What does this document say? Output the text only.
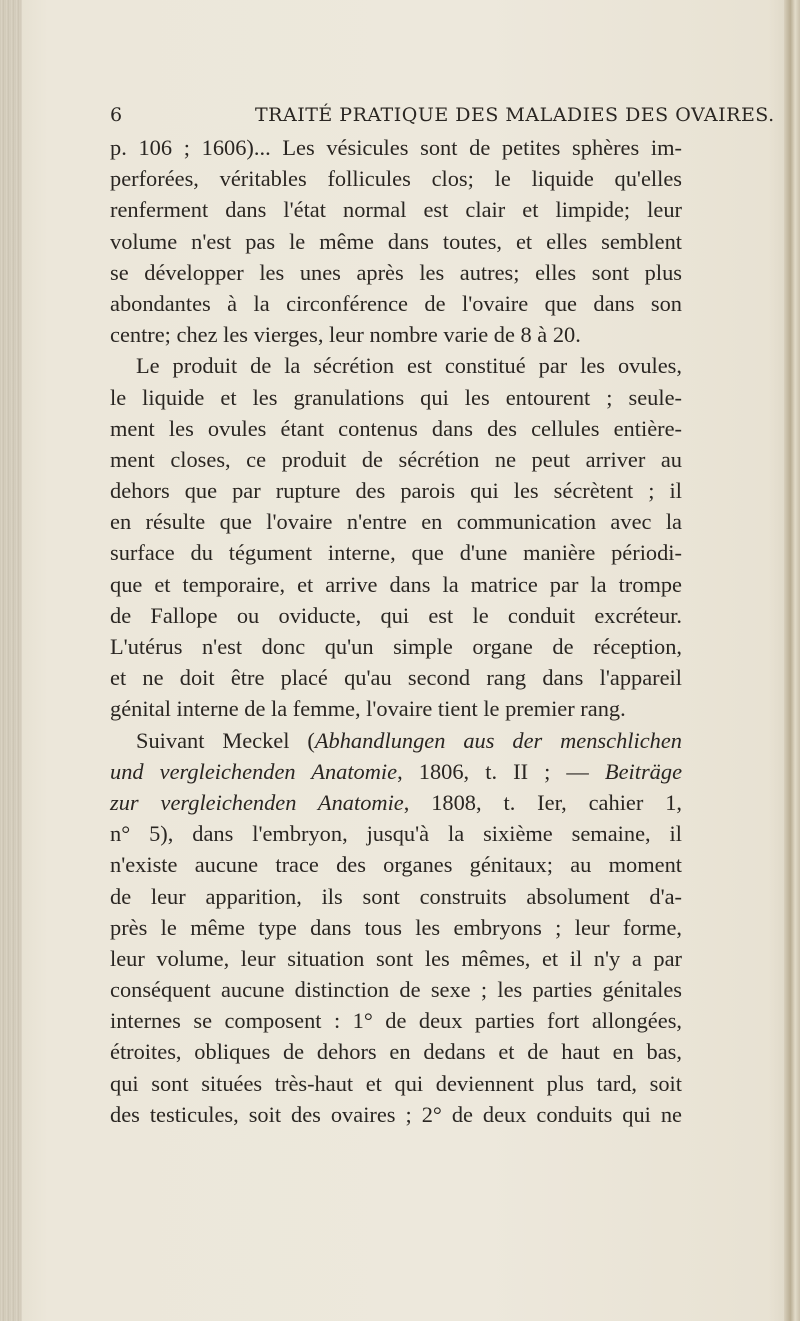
6	TRAITÉ PRATIQUE DES MALADIES DES OVAIRES.
p. 106 ; 1606)... Les vésicules sont de petites sphères im-
perforées, véritables follicules clos; le liquide qu'elles
renferment dans l'état normal est clair et limpide; leur
volume n'est pas le même dans toutes, et elles semblent
se développer les unes après les autres; elles sont plus
abondantes à la circonférence de l'ovaire que dans son
centre; chez les vierges, leur nombre varie de 8 à 20.
Le produit de la sécrétion est constitué par les ovules,
le liquide et les granulations qui les entourent ; seule-
ment les ovules étant contenus dans des cellules entière-
ment closes, ce produit de sécrétion ne peut arriver au
dehors que par rupture des parois qui les sécrètent ; il
en résulte que l'ovaire n'entre en communication avec la
surface du tégument interne, que d'une manière périodi-
que et temporaire, et arrive dans la matrice par la trompe
de Fallope ou oviducte, qui est le conduit excréteur.
L'utérus n'est donc qu'un simple organe de réception,
et ne doit être placé qu'au second rang dans l'appareil
génital interne de la femme, l'ovaire tient le premier rang.
Suivant Meckel (Abhandlungen aus der menschlichen
und vergleichenden Anatomie, 1806, t. II ; — Beiträge
zur vergleichenden Anatomie, 1808, t. Ier, cahier 1,
n° 5), dans l'embryon, jusqu'à la sixième semaine, il
n'existe aucune trace des organes génitaux; au moment
de leur apparition, ils sont construits absolument d'a-
près le même type dans tous les embryons ; leur forme,
leur volume, leur situation sont les mêmes, et il n'y a par
conséquent aucune distinction de sexe ; les parties génitales
internes se composent : 1° de deux parties fort allongées,
étroites, obliques de dehors en dedans et de haut en bas,
qui sont situées très-haut et qui deviennent plus tard, soit
des testicules, soit des ovaires ; 2° de deux conduits qui ne
